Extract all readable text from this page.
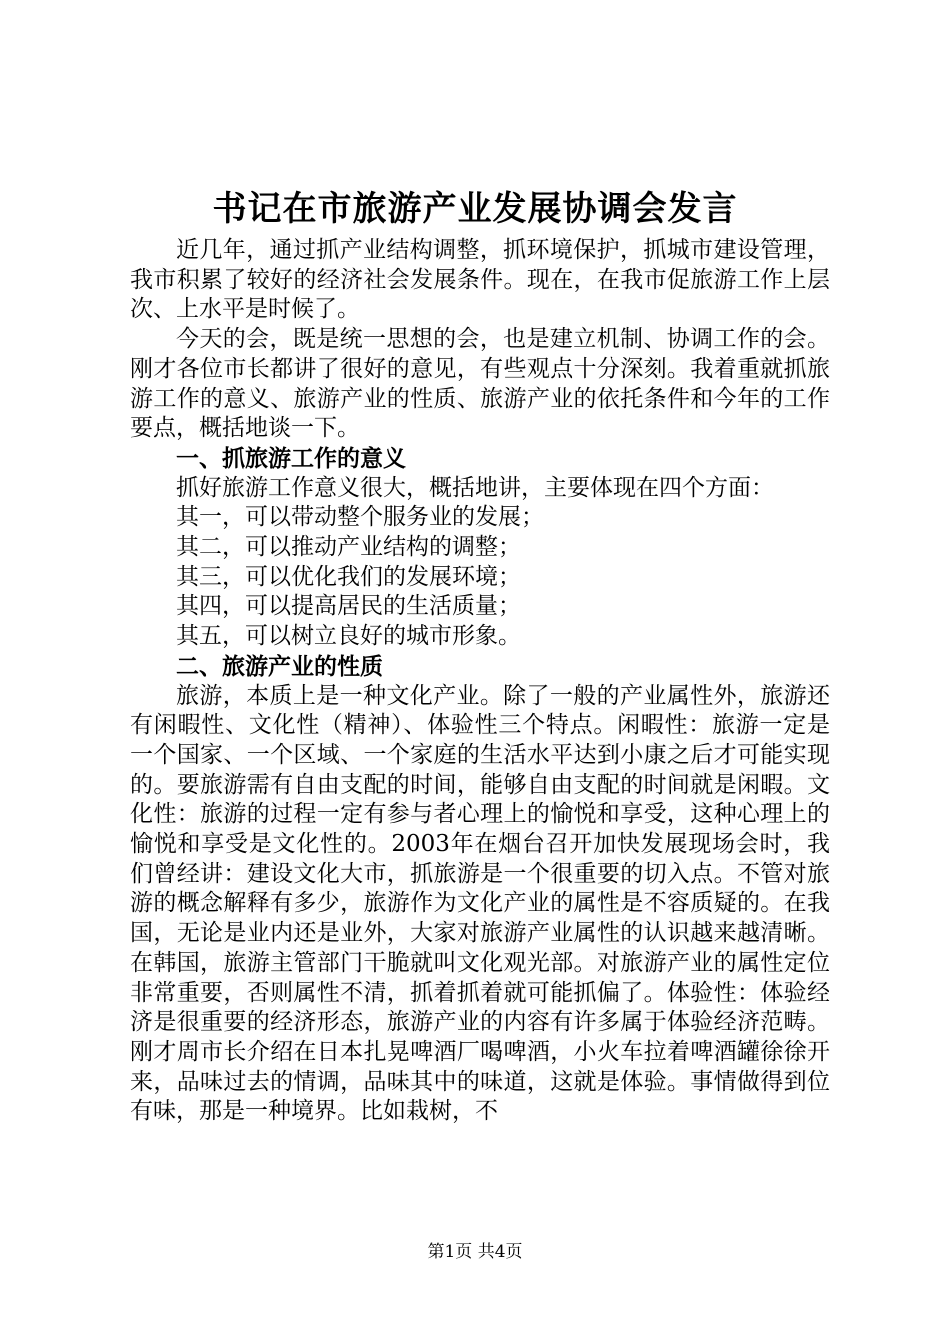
书记在市旅游产业发展协调会发言

近几年，通过抓产业结构调整，抓环境保护，抓城市建设管理，我市积累了较好的经济社会发展条件。现在，在我市促旅游工作上层次、上水平是时候了。

今天的会，既是统一思想的会，也是建立机制、协调工作的会。刚才各位市长都讲了很好的意见，有些观点十分深刻。我着重就抓旅游工作的意义、旅游产业的性质、旅游产业的依托条件和今年的工作要点，概括地谈一下。

一、抓旅游工作的意义

抓好旅游工作意义很大，概括地讲，主要体现在四个方面：

其一，可以带动整个服务业的发展；

其二，可以推动产业结构的调整；

其三，可以优化我们的发展环境；

其四，可以提高居民的生活质量；

其五，可以树立良好的城市形象。

二、旅游产业的性质

旅游，本质上是一种文化产业。除了一般的产业属性外，旅游还有闲暇性、文化性（精神）、体验性三个特点。闲暇性：旅游一定是一个国家、一个区域、一个家庭的生活水平达到小康之后才可能实现的。要旅游需有自由支配的时间，能够自由支配的时间就是闲暇。文化性：旅游的过程一定有参与者心理上的愉悦和享受，这种心理上的愉悦和享受是文化性的。2003年在烟台召开加快发展现场会时，我们曾经讲：建设文化大市，抓旅游是一个很重要的切入点。不管对旅游的概念解释有多少，旅游作为文化产业的属性是不容质疑的。在我国，无论是业内还是业外，大家对旅游产业属性的认识越来越清晰。在韩国，旅游主管部门干脆就叫文化观光部。对旅游产业的属性定位非常重要，否则属性不清，抓着抓着就可能抓偏了。体验性：体验经济是很重要的经济形态，旅游产业的内容有许多属于体验经济范畴。刚才周市长介绍在日本扎晃啤酒厂喝啤酒，小火车拉着啤酒罐徐徐开来，品味过去的情调，品味其中的味道，这就是体验。事情做得到位有味，那是一种境界。比如栽树，不

第1页 共4页
